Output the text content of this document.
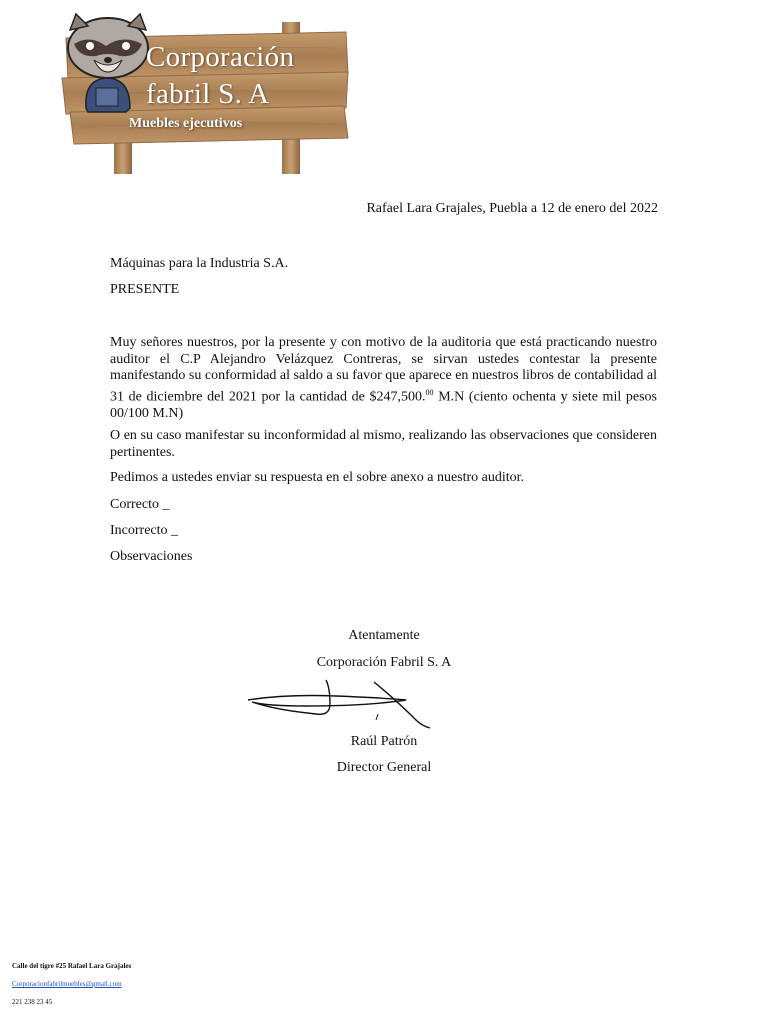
Corporación
fabril S. A
Muebles ejecutivos
Rafael Lara Grajales, Puebla a 12 de enero del 2022
Máquinas para la Industria S.A.
PRESENTE
Muy señores nuestros, por la presente y con motivo de la auditoria que está practicando nuestro auditor el C.P Alejandro Velázquez Contreras, se sirvan ustedes contestar la presente manifestando su conformidad al saldo a su favor que aparece en nuestros libros de contabilidad al 31 de diciembre del 2021 por la cantidad de $247,500.00 M.N (ciento ochenta y siete mil pesos 00/100 M.N)
O en su caso manifestar su inconformidad al mismo, realizando las observaciones que consideren pertinentes.
Pedimos a ustedes enviar su respuesta en el sobre anexo a nuestro auditor.
Correcto _
Incorrecto _
Observaciones
Atentamente
Corporación Fabril S. A
Raúl Patrón
Director General
Calle del tigre #25 Rafael Lara Grajales
Corporacionfabrilmuebles@gmail.com
221 238 23 45
